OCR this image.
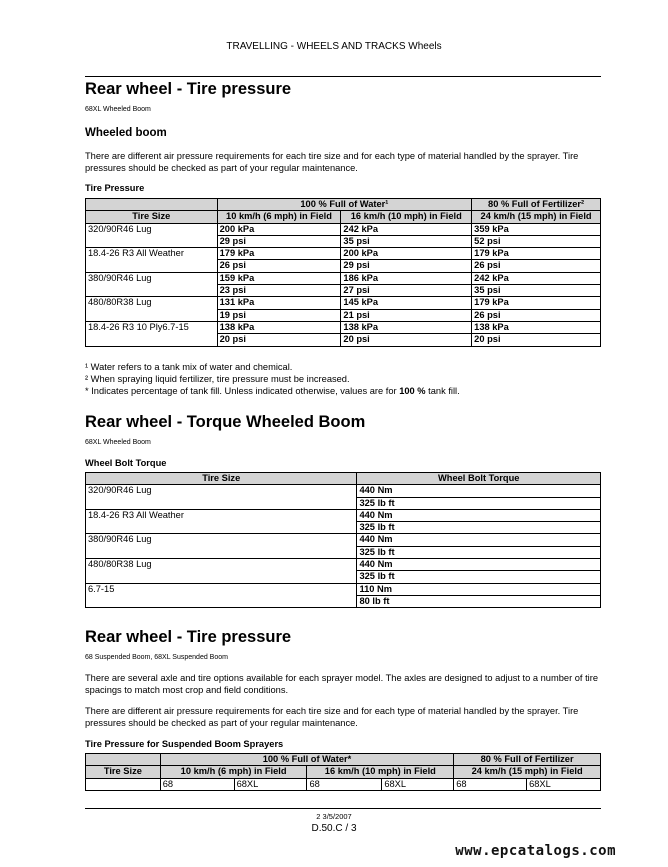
TRAVELLING - WHEELS AND TRACKS Wheels
Rear wheel - Tire pressure
68XL Wheeled Boom
Wheeled boom
There are different air pressure requirements for each tire size and for each type of material handled by the sprayer. Tire pressures should be checked as part of your regular maintenance.
Tire Pressure
	100 % Full of Water¹		80 % Full of Fertilizer²
Tire Size	10 km/h (6 mph) in Field	16 km/h (10 mph) in Field	24 km/h (15 mph) in Field
320/90R46 Lug	200 kPa	242 kPa	359 kPa
	29 psi	35 psi	52 psi
18.4-26 R3 All Weather	179 kPa	200 kPa	179 kPa
	26 psi	29 psi	26 psi
380/90R46 Lug	159 kPa	186 kPa	242 kPa
	23 psi	27 psi	35 psi
480/80R38 Lug	131 kPa	145 kPa	179 kPa
	19 psi	21 psi	26 psi
18.4-26 R3 10 Ply6.7-15	138 kPa	138 kPa	138 kPa
	20 psi	20 psi	20 psi
¹ Water refers to a tank mix of water and chemical.
² When spraying liquid fertilizer, tire pressure must be increased.
* Indicates percentage of tank fill. Unless indicated otherwise, values are for 100 % tank fill.
Rear wheel - Torque Wheeled Boom
68XL Wheeled Boom
Wheel Bolt Torque
Tire Size	Wheel Bolt Torque
320/90R46 Lug	440 Nm
	325 lb ft
18.4-26 R3 All Weather	440 Nm
	325 lb ft
380/90R46 Lug	440 Nm
	325 lb ft
480/80R38 Lug	440 Nm
	325 lb ft
6.7-15	110 Nm
	80 lb ft
Rear wheel - Tire pressure
68 Suspended Boom, 68XL Suspended Boom
There are several axle and tire options available for each sprayer model. The axles are designed to adjust to a number of tire spacings to match most crop and field conditions.
There are different air pressure requirements for each tire size and for each type of material handled by the sprayer. Tire pressures should be checked as part of your regular maintenance.
Tire Pressure for Suspended Boom Sprayers
	100 % Full of Water*				80 % Full of Fertilizer	
Tire Size	10 km/h (6 mph) in Field		16 km/h (10 mph) in Field		24 km/h (15 mph) in Field	
	68	68XL	68	68XL	68	68XL
2 3/5/2007
D.50.C / 3
www.epcatalogs.com
